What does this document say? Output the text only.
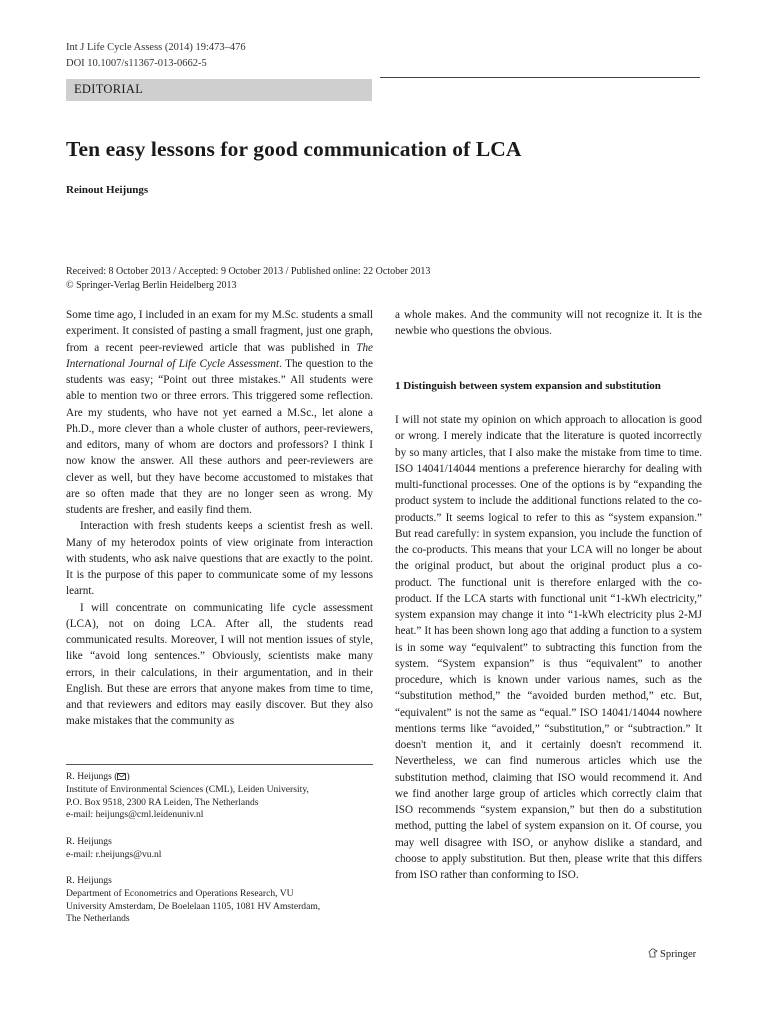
Int J Life Cycle Assess (2014) 19:473–476
DOI 10.1007/s11367-013-0662-5
EDITORIAL
Ten easy lessons for good communication of LCA
Reinout Heijungs
Received: 8 October 2013 / Accepted: 9 October 2013 / Published online: 22 October 2013
© Springer-Verlag Berlin Heidelberg 2013

Some time ago, I included in an exam for my M.Sc. students a small experiment. It consisted of pasting a small fragment, just one graph, from a recent peer-reviewed article that was published in The International Journal of Life Cycle Assessment. The question to the students was easy; “Point out three mistakes.” All students were able to mention two or three errors. This triggered some reflection. Are my students, who have not yet earned a M.Sc., let alone a Ph.D., more clever than a whole cluster of authors, peer-reviewers, and editors, many of whom are doctors and professors? I think I now know the answer. All these authors and peer-reviewers are clever as well, but they have become accustomed to mistakes that are so often made that they are no longer seen as wrong. My students are fresher, and easily find them.

Interaction with fresh students keeps a scientist fresh as well. Many of my heterodox points of view originate from interaction with students, who ask naive questions that are exactly to the point. It is the purpose of this paper to communicate some of my lessons learnt.

I will concentrate on communicating life cycle assessment (LCA), not on doing LCA. After all, the students read communicated results. Moreover, I will not mention issues of style, like “avoid long sentences.” Obviously, scientists make many errors, in their calculations, in their argumentation, and in their English. But these are errors that anyone makes from time to time, and that reviewers and editors may easily discover. But they also make mistakes that the community as

a whole makes. And the community will not recognize it. It is the newbie who questions the obvious.

1 Distinguish between system expansion and substitution

I will not state my opinion on which approach to allocation is good or wrong. I merely indicate that the literature is quoted incorrectly by so many articles, that I also make the mistake from time to time. ISO 14041/14044 mentions a preference hierarchy for dealing with multi-functional processes. One of the options is by “expanding the product system to include the additional functions related to the co-products.” It seems logical to refer to this as “system expansion.” But read carefully: in system expansion, you include the function of the co-products. This means that your LCA will no longer be about the original product, but about the original product plus a co-product. The functional unit is therefore enlarged with the co-product. If the LCA starts with functional unit “1-kWh electricity,” system expansion may change it into “1-kWh electricity plus 2-MJ heat.” It has been shown long ago that adding a function to a system is in some way “equivalent” to subtracting this function from the system. “System expansion” is thus “equivalent” to another procedure, which is known under various names, such as the “substitution method,” the “avoided burden method,” etc. But, “equivalent” is not the same as “equal.” ISO 14041/14044 nowhere mentions terms like “avoided,” “substitution,” or “subtraction.” It doesn't mention it, and it certainly doesn't recommend it. Nevertheless, we can find numerous articles which use the substitution method, claiming that ISO would recommend it. And we find another large group of articles which correctly claim that ISO recommends “system expansion,” but then do a substitution method, putting the label of system expansion on it. Of course, you may well disagree with ISO, or anyhow dislike a standard, and choose to apply substitution. But then, please write that this differs from ISO rather than conforming to ISO.

R. Heijungs ( )
Institute of Environmental Sciences (CML), Leiden University,
P.O. Box 9518, 2300 RA Leiden, The Netherlands
e-mail: heijungs@cml.leidenuniv.nl
R. Heijungs
e-mail: r.heijungs@vu.nl
R. Heijungs
Department of Econometrics and Operations Research, VU
University Amsterdam, De Boelelaan 1105, 1081 HV Amsterdam,
The Netherlands
Springer
